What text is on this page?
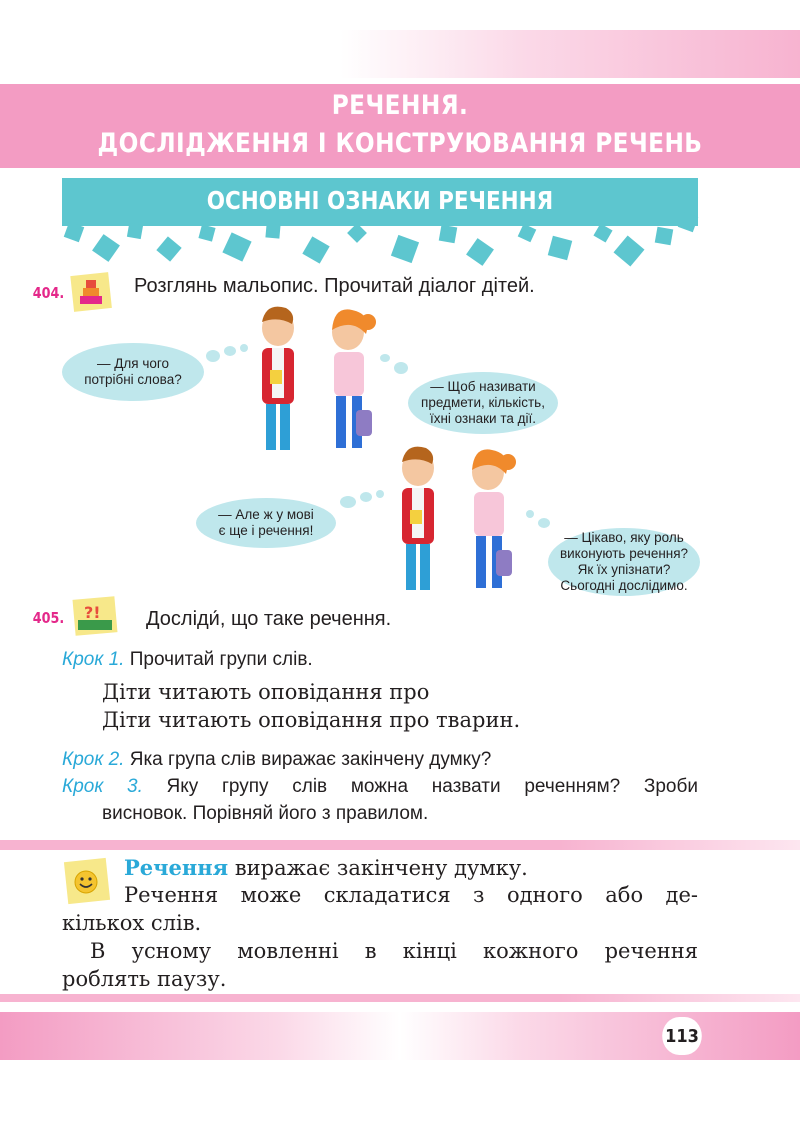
РЕЧЕННЯ.
ДОСЛІДЖЕННЯ І КОНСТРУЮВАННЯ РЕЧЕНЬ
ОСНОВНІ ОЗНАКИ РЕЧЕННЯ
404.	Розглянь мальопис. Прочитай діалог дітей.
— Для чого
потрібні слова?	— Щоб називати
предмети, кількість,
їхні ознаки та дії.
— Але ж у мові
є ще і речення!	— Цікаво, яку роль
виконують речення?
Як їх упізнати?
Сьогодні дослідимо.
405. ?! Досліди́, що таке речення.
Крок 1. Прочитай групи слів.
Діти читають оповідання про
Діти читають оповідання про тварин.
Крок 2. Яка група слів виражає закінчену думку?
Крок 3. Яку групу слів можна назвати реченням? Зроби
висновок. Порівняй його з правилом.
Речення виражає закінчену думку.
Речення може складатися з одного або де-
кількох слів.
В усному мовленні в кінці кожного речення
роблять паузу.
113
